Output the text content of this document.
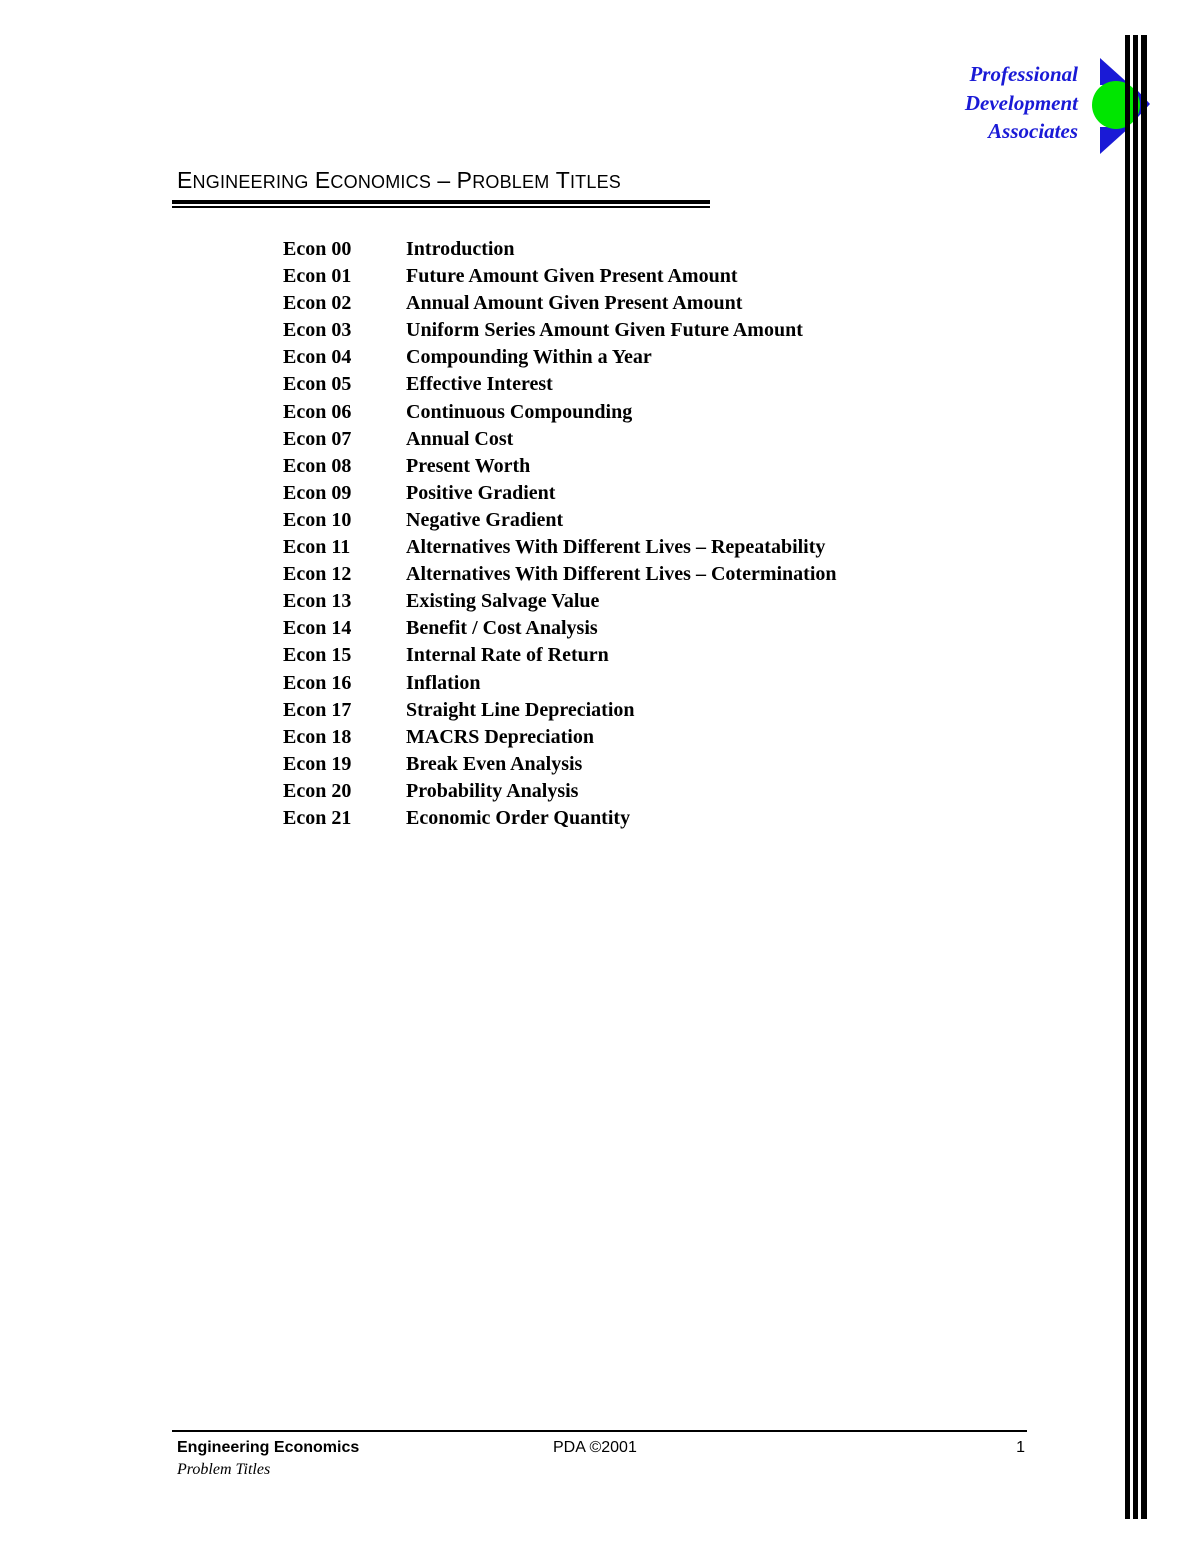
Professional
Development
Associates
ENGINEERING ECONOMICS – PROBLEM TITLES
Econ 00	Introduction
Econ 01	Future Amount Given Present Amount
Econ 02	Annual Amount Given Present Amount
Econ 03	Uniform Series Amount Given Future Amount
Econ 04	Compounding Within a Year
Econ 05	Effective Interest
Econ 06	Continuous Compounding
Econ 07	Annual Cost
Econ 08	Present Worth
Econ 09	Positive Gradient
Econ 10	Negative Gradient
Econ 11	Alternatives With Different Lives – Repeatability
Econ 12	Alternatives With Different Lives – Cotermination
Econ 13	Existing Salvage Value
Econ 14	Benefit / Cost Analysis
Econ 15	Internal Rate of Return
Econ 16	Inflation
Econ 17	Straight Line Depreciation
Econ 18	MACRS Depreciation
Econ 19	Break Even Analysis
Econ 20	Probability Analysis
Econ 21	Economic Order Quantity
Engineering Economics
Problem Titles
PDA ©2001	1
